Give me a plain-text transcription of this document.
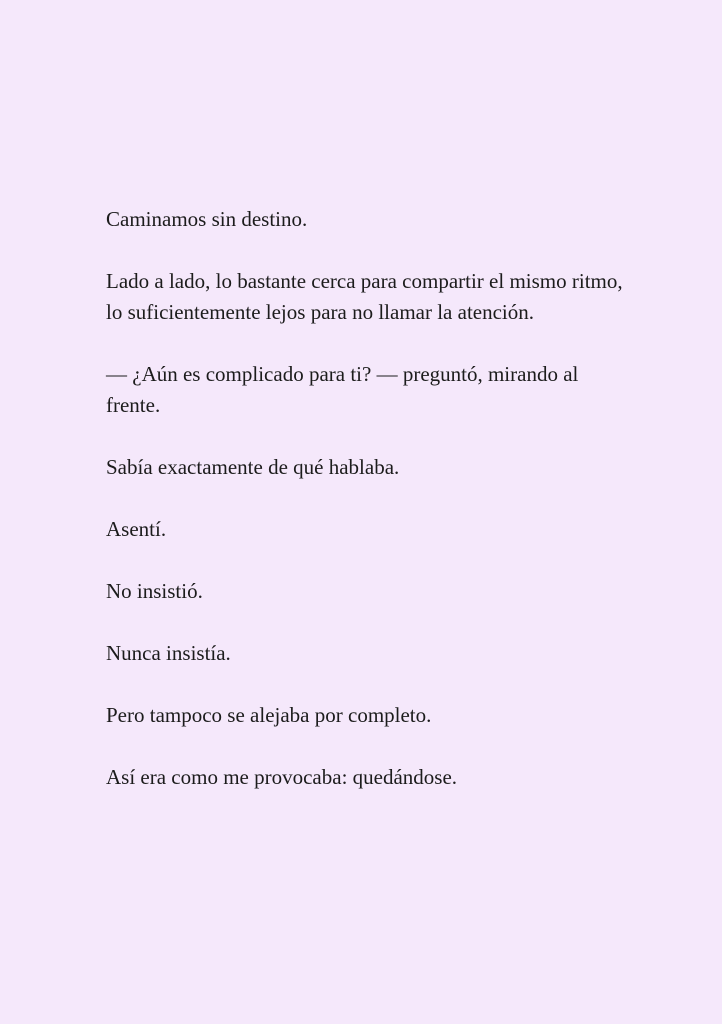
Caminamos sin destino.

Lado a lado, lo bastante cerca para compartir el mismo ritmo, lo suficientemente lejos para no llamar la atención.

— ¿Aún es complicado para ti? — preguntó, mirando al frente.

Sabía exactamente de qué hablaba.

Asentí.

No insistió.

Nunca insistía.

Pero tampoco se alejaba por completo.

Así era como me provocaba: quedándose.
